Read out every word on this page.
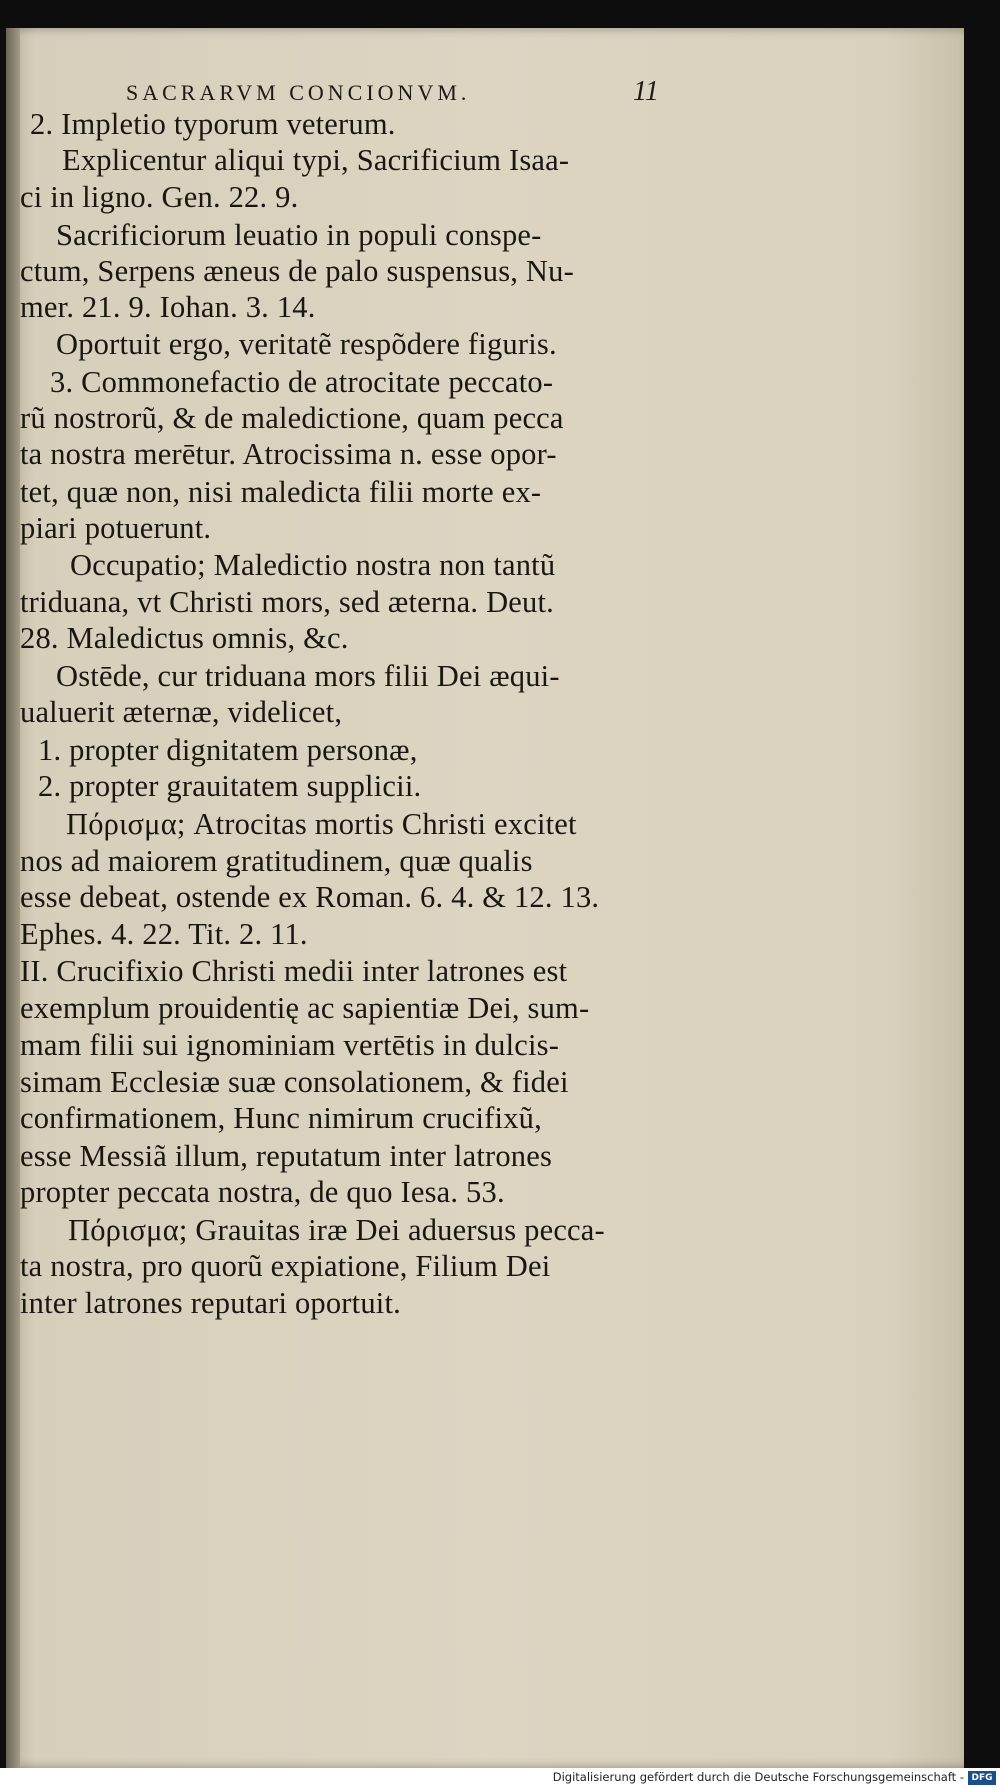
SACRARVM CONCIONVM.	11
2. Impletio typorum veterum.
Explicentur aliqui typi, Sacrificium Isaa-
ci in ligno. Gen. 22. 9.
Sacrificiorum leuatio in populi conspe-
ctum, Serpens æneus de palo suspensus, Nu-
mer. 21. 9. Iohan. 3. 14.
Oportuit ergo, veritatẽ respõdere figuris.
3. Commonefactio de atrocitate peccato-
rũ nostrorũ, & de maledictione, quam pecca
ta nostra merētur. Atrocissima n. esse opor-
tet, quæ non, nisi maledicta filii morte ex-
piari potuerunt.
Occupatio; Maledictio nostra non tantũ
triduana, vt Christi mors, sed æterna. Deut.
28. Maledictus omnis, &c.
Ostēde, cur triduana mors filii Dei æqui-
ualuerit æternæ, videlicet,
1. propter dignitatem personæ,
2. propter grauitatem supplicii.
Πόρισμα; Atrocitas mortis Christi excitet
nos ad maiorem gratitudinem, quæ qualis
esse debeat, ostende ex Roman. 6. 4. & 12. 13.
Ephes. 4. 22. Tit. 2. 11.
II. Crucifixio Christi medii inter latrones est
exemplum prouidentię ac sapientiæ Dei, sum-
mam filii sui ignominiam vertētis in dulcis-
simam Ecclesiæ suæ consolationem, & fidei
confirmationem, Hunc nimirum crucifixũ,
esse Messiã illum, reputatum inter latrones
propter peccata nostra, de quo Iesa. 53.
Πόρισμα; Grauitas iræ Dei aduersus pecca-
ta nostra, pro quorũ expiatione, Filium Dei
inter latrones reputari oportuit.
Digitalisierung gefördert durch die Deutsche Forschungsgemeinschaft - DFG
